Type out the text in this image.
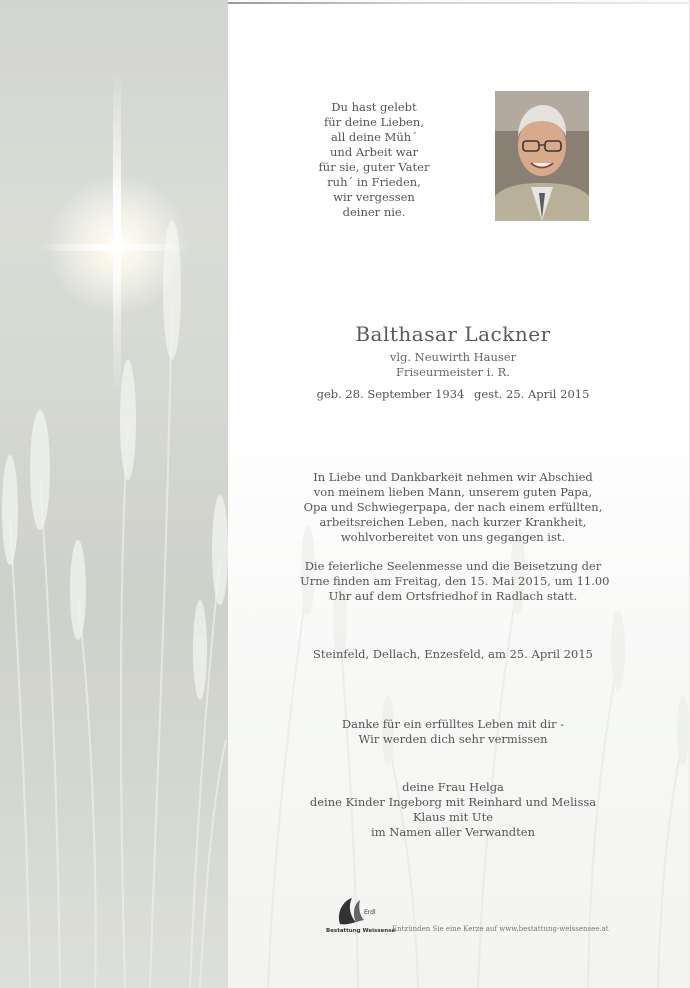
Du hast gelebt
für deine Lieben,
all deine Müh´
und Arbeit war
für sie, guter Vater
ruh´ in Frieden,
wir vergessen
deiner nie.
Balthasar Lackner
vlg. Neuwirth Hauser
Friseurmeister i. R.
geb. 28. September 1934 gest. 25. April 2015
In Liebe und Dankbarkeit nehmen wir Abschied
von meinem lieben Mann, unserem guten Papa,
Opa und Schwiegerpapa, der nach einem erfüllten,
arbeitsreichen Leben, nach kurzer Krankheit,
wohlvorbereitet von uns gegangen ist.
Die feierliche Seelenmesse und die Beisetzung der
Urne finden am Freitag, den 15. Mai 2015, um 11.00
Uhr auf dem Ortsfriedhof in Radlach statt.
Steinfeld, Dellach, Enzesfeld, am 25. April 2015
Danke für ein erfülltes Leben mit dir -
Wir werden dich sehr vermissen
deine Frau Helga
deine Kinder Ingeborg mit Reinhard und Melissa
Klaus mit Ute
im Namen aller Verwandten
Erdl
Bestattung Weissensee
Entzünden Sie eine Kerze auf www.bestattung-weissensee.at
